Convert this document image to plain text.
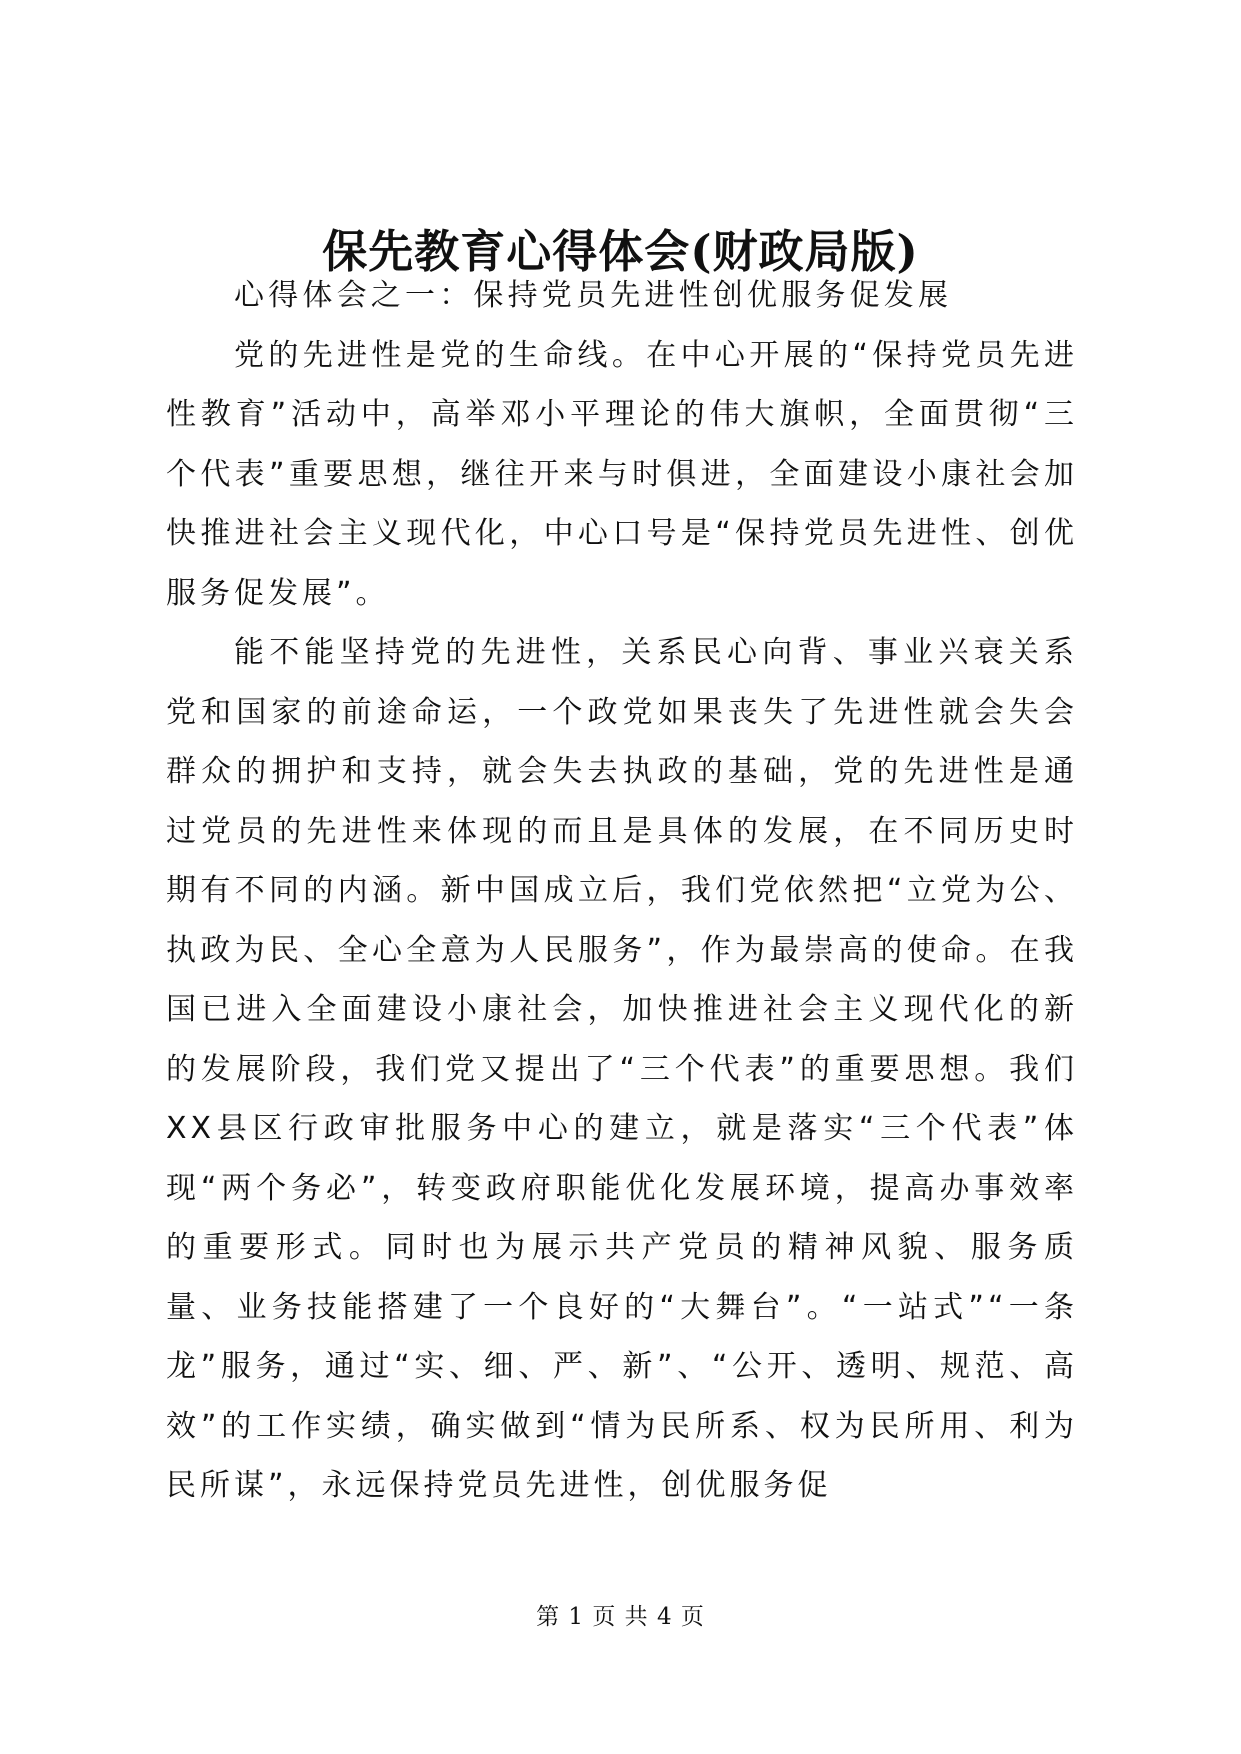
保先教育心得体会(财政局版)

心得体会之一：保持党员先进性创优服务促发展

党的先进性是党的生命线。在中心开展的“保持党员先进性教育”活动中，高举邓小平理论的伟大旗帜，全面贯彻“三个代表”重要思想，继往开来与时俱进，全面建设小康社会加快推进社会主义现代化，中心口号是“保持党员先进性、创优服务促发展”。

能不能坚持党的先进性，关系民心向背、事业兴衰关系党和国家的前途命运，一个政党如果丧失了先进性就会失会群众的拥护和支持，就会失去执政的基础，党的先进性是通过党员的先进性来体现的而且是具体的发展，在不同历史时期有不同的内涵。新中国成立后，我们党依然把“立党为公、执政为民、全心全意为人民服务”，作为最崇高的使命。在我国已进入全面建设小康社会，加快推进社会主义现代化的新的发展阶段，我们党又提出了“三个代表”的重要思想。我们XX县区行政审批服务中心的建立，就是落实“三个代表”体现“两个务必”，转变政府职能优化发展环境，提高办事效率的重要形式。同时也为展示共产党员的精神风貌、服务质量、业务技能搭建了一个良好的“大舞台”。“一站式”“一条龙”服务，通过“实、细、严、新”、“公开、透明、规范、高效”的工作实绩，确实做到“情为民所系、权为民所用、利为民所谋”，永远保持党员先进性，创优服务促

第 1 页 共 4 页
